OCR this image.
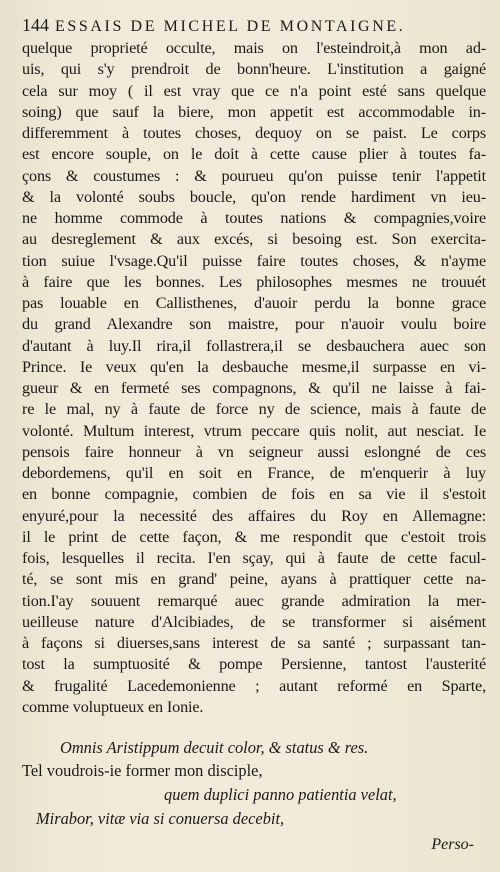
144 ESSAIS DE MICHEL DE MONTAIGNE.
quelque proprieté occulte, mais on l'esteindroit,à mon ad-
uis, qui s'y prendroit de bonn'heure. L'institution a gaigné
cela sur moy ( il est vray que ce n'a point esté sans quelque
soing) que sauf la biere, mon appetit est accommodable in-
differemment à toutes choses, dequoy on se paist. Le corps
est encore souple, on le doit à cette cause plier à toutes fa-
çons & coustumes : & pourueu qu'on puisse tenir l'appetit
& la volonté soubs boucle, qu'on rende hardiment vn ieu-
ne homme commode à toutes nations & compagnies,voire
au desreglement & aux excés, si besoing est. Son exercita-
tion suiue l'vsage.Qu'il puisse faire toutes choses, & n'ayme
à faire que les bonnes. Les philosophes mesmes ne trouuét
pas louable en Callisthenes, d'auoir perdu la bonne grace
du grand Alexandre son maistre, pour n'auoir voulu boire
d'autant à luy.Il rira,il follastrera,il se desbauchera auec son
Prince. Ie veux qu'en la desbauche mesme,il surpasse en vi-
gueur & en fermeté ses compagnons, & qu'il ne laisse à fai-
re le mal, ny à faute de force ny de science, mais à faute de
volonté. Multum interest, vtrum peccare quis nolit, aut nesciat. Ie
pensois faire honneur à vn seigneur aussi eslongné de ces
debordemens, qu'il en soit en France, de m'enquerir à luy
en bonne compagnie, combien de fois en sa vie il s'estoit
enyuré,pour la necessité des affaires du Roy en Allemagne:
il le print de cette façon, & me respondit que c'estoit trois
fois, lesquelles il recita. I'en sçay, qui à faute de cette facul-
té, se sont mis en grand' peine, ayans à prattiquer cette na-
tion.I'ay souuent remarqué auec grande admiration la mer-
ueilleuse nature d'Alcibiades, de se transformer si aisément
à façons si diuerses,sans interest de sa santé ; surpassant tan-
tost la sumptuosité & pompe Persienne, tantost l'austerité
& frugalité Lacedemonienne ; autant reformé en Sparte,
comme voluptueux en Ionie.
Omnis Aristippum decuit color, & status & res.
Tel voudrois-ie former mon disciple,
quem duplici panno patientia velat,
Mirabor, vitæ via si conuersa decebit,
Perso-
